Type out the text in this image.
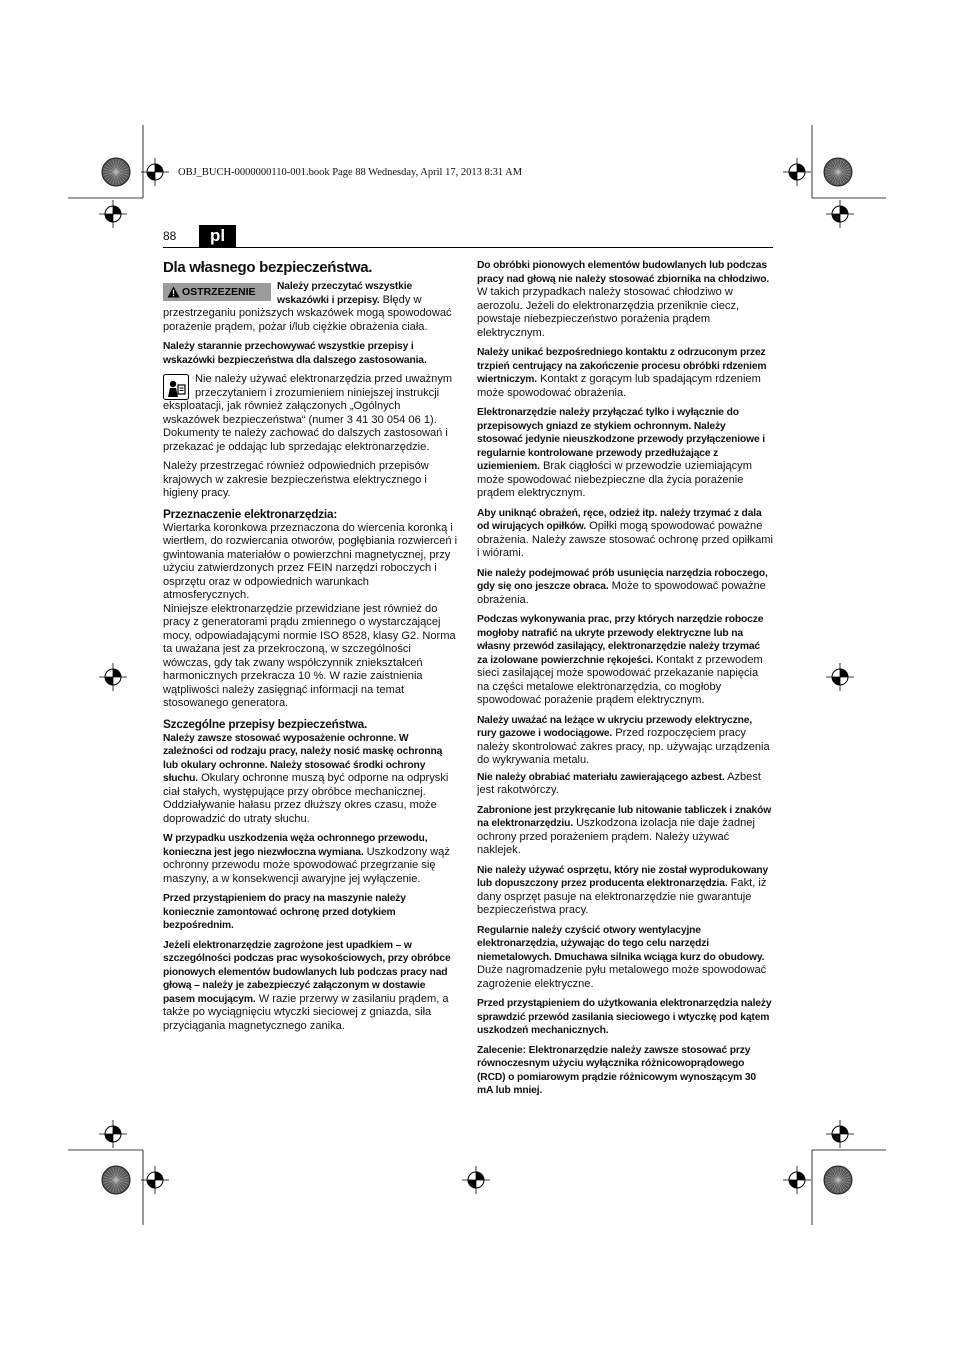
OBJ_BUCH-0000000110-001.book Page 88 Wednesday, April 17, 2013 8:31 AM
88	pl
Dla własnego bezpieczeństwa.
OSTRZEZENIE	Należy przeczytać wszystkie wskazówki i przepisy. Błędy w przestrzeganiu poniższych wskazówek mogą spowodować porażenie prądem, pożar i/lub ciężkie obrażenia ciała.

Należy starannie przechowywać wszystkie przepisy i wskazówki bezpieczeństwa dla dalszego zastosowania.

Nie należy używać elektronarzędzia przed uważnym przeczytaniem i zrozumieniem niniejszej instrukcji eksploatacji, jak również załączonych „Ogólnych wskazówek bezpieczeństwa“ (numer 3 41 30 054 06 1). Dokumenty te należy zachować do dalszych zastosowań i przekazać je oddając lub sprzedając elektronarzędzie.

Należy przestrzegać również odpowiednich przepisów krajowych w zakresie bezpieczeństwa elektrycznego i higieny pracy.

Przeznaczenie elektronarzędzia:

Wiertarka koronkowa przeznaczona do wiercenia koronką i wiertłem, do rozwiercania otworów, pogłębiania rozwierceń i gwintowania materiałów o powierzchni magnetycznej, przy użyciu zatwierdzonych przez FEIN narzędzi roboczych i osprzętu oraz w odpowiednich warunkach atmosferycznych.

Niniejsze elektronarzędzie przewidziane jest również do pracy z generatorami prądu zmiennego o wystarczającej mocy, odpowiadającymi normie ISO 8528, klasy G2. Norma ta uważana jest za przekroczoną, w szczególności wówczas, gdy tak zwany współczynnik zniekształceń harmonicznych przekracza 10 %. W razie zaistnienia wątpliwości należy zasięgnąć informacji na temat stosowanego generatora.

Szczególne przepisy bezpieczeństwa.

Należy zawsze stosować wyposażenie ochronne. W zależności od rodzaju pracy, należy nosić maskę ochronną lub okulary ochronne. Należy stosować środki ochrony słuchu. Okulary ochronne muszą być odporne na odpryski ciał stałych, występujące przy obróbce mechanicznej. Oddziaływanie hałasu przez dłuższy okres czasu, może doprowadzić do utraty słuchu.

W przypadku uszkodzenia węża ochronnego przewodu, konieczna jest jego niezwłoczna wymiana. Uszkodzony wąż ochronny przewodu może spowodować przegrzanie się maszyny, a w konsekwencji awaryjne jej wyłączenie.

Przed przystąpieniem do pracy na maszynie należy koniecznie zamontować ochronę przed dotykiem bezpośrednim.

Jeżeli elektronarzędzie zagrożone jest upadkiem – w szczególności podczas prac wysokościowych, przy obróbce pionowych elementów budowlanych lub podczas pracy nad głową – należy je zabezpieczyć załączonym w dostawie pasem mocującym. W razie przerwy w zasilaniu prądem, a także po wyciągnięciu wtyczki sieciowej z gniazda, siła przyciągania magnetycznego zanika.

Do obróbki pionowych elementów budowlanych lub podczas pracy nad głową nie należy stosować zbiornika na chłodziwo. W takich przypadkach należy stosować chłodziwo w aerozolu. Jeżeli do elektronarzędzia przeniknie ciecz, powstaje niebezpieczeństwo porażenia prądem elektrycznym.

Należy unikać bezpośredniego kontaktu z odrzuconym przez trzpień centrujący na zakończenie procesu obróbki rdzeniem wiertniczym. Kontakt z gorącym lub spadającym rdzeniem może spowodować obrażenia.

Elektronarzędzie należy przyłączać tylko i wyłącznie do przepisowych gniazd ze stykiem ochronnym. Należy stosować jedynie nieuszkodzone przewody przyłączeniowe i regularnie kontrolowane przewody przedłużające z uziemieniem. Brak ciągłości w przewodzie uziemiającym może spowodować niebezpieczne dla życia porażenie prądem elektrycznym.

Aby uniknąć obrażeń, ręce, odzież itp. należy trzymać z dala od wirujących opiłków. Opiłki mogą spowodować poważne obrażenia. Należy zawsze stosować ochronę przed opiłkami i wiórami.

Nie należy podejmować prób usunięcia narzędzia roboczego, gdy się ono jeszcze obraca. Może to spowodować poważne obrażenia.

Podczas wykonywania prac, przy których narzędzie robocze mogłoby natrafić na ukryte przewody elektryczne lub na własny przewód zasilający, elektronarzędzie należy trzymać za izolowane powierzchnie rękojeści. Kontakt z przewodem sieci zasilającej może spowodować przekazanie napięcia na części metalowe elektronarzędzia, co mogłoby spowodować porażenie prądem elektrycznym.

Należy uważać na leżące w ukryciu przewody elektryczne, rury gazowe i wodociągowe. Przed rozpoczęciem pracy należy skontrolować zakres pracy, np. używając urządzenia do wykrywania metalu.

Nie należy obrabiać materiału zawierającego azbest. Azbest jest rakotwórczy.

Zabronione jest przykręcanie lub nitowanie tabliczek i znaków na elektronarzędziu. Uszkodzona izolacja nie daje żadnej ochrony przed porażeniem prądem. Należy używać naklejek.

Nie należy używać osprzętu, który nie został wyprodukowany lub dopuszczony przez producenta elektronarzędzia. Fakt, iż dany osprzęt pasuje na elektronarzędzie nie gwarantuje bezpieczeństwa pracy.

Regularnie należy czyścić otwory wentylacyjne elektronarzędzia, używając do tego celu narzędzi niemetalowych. Dmuchawa silnika wciąga kurz do obudowy. Duże nagromadzenie pyłu metalowego może spowodować zagrożenie elektryczne.

Przed przystąpieniem do użytkowania elektronarzędzia należy sprawdzić przewód zasilania sieciowego i wtyczkę pod kątem uszkodzeń mechanicznych.

Zalecenie: Elektronarzędzie należy zawsze stosować przy równoczesnym użyciu wyłącznika różnicowoprądowego (RCD) o pomiarowym prądzie różnicowym wynoszącym 30 mA lub mniej.
